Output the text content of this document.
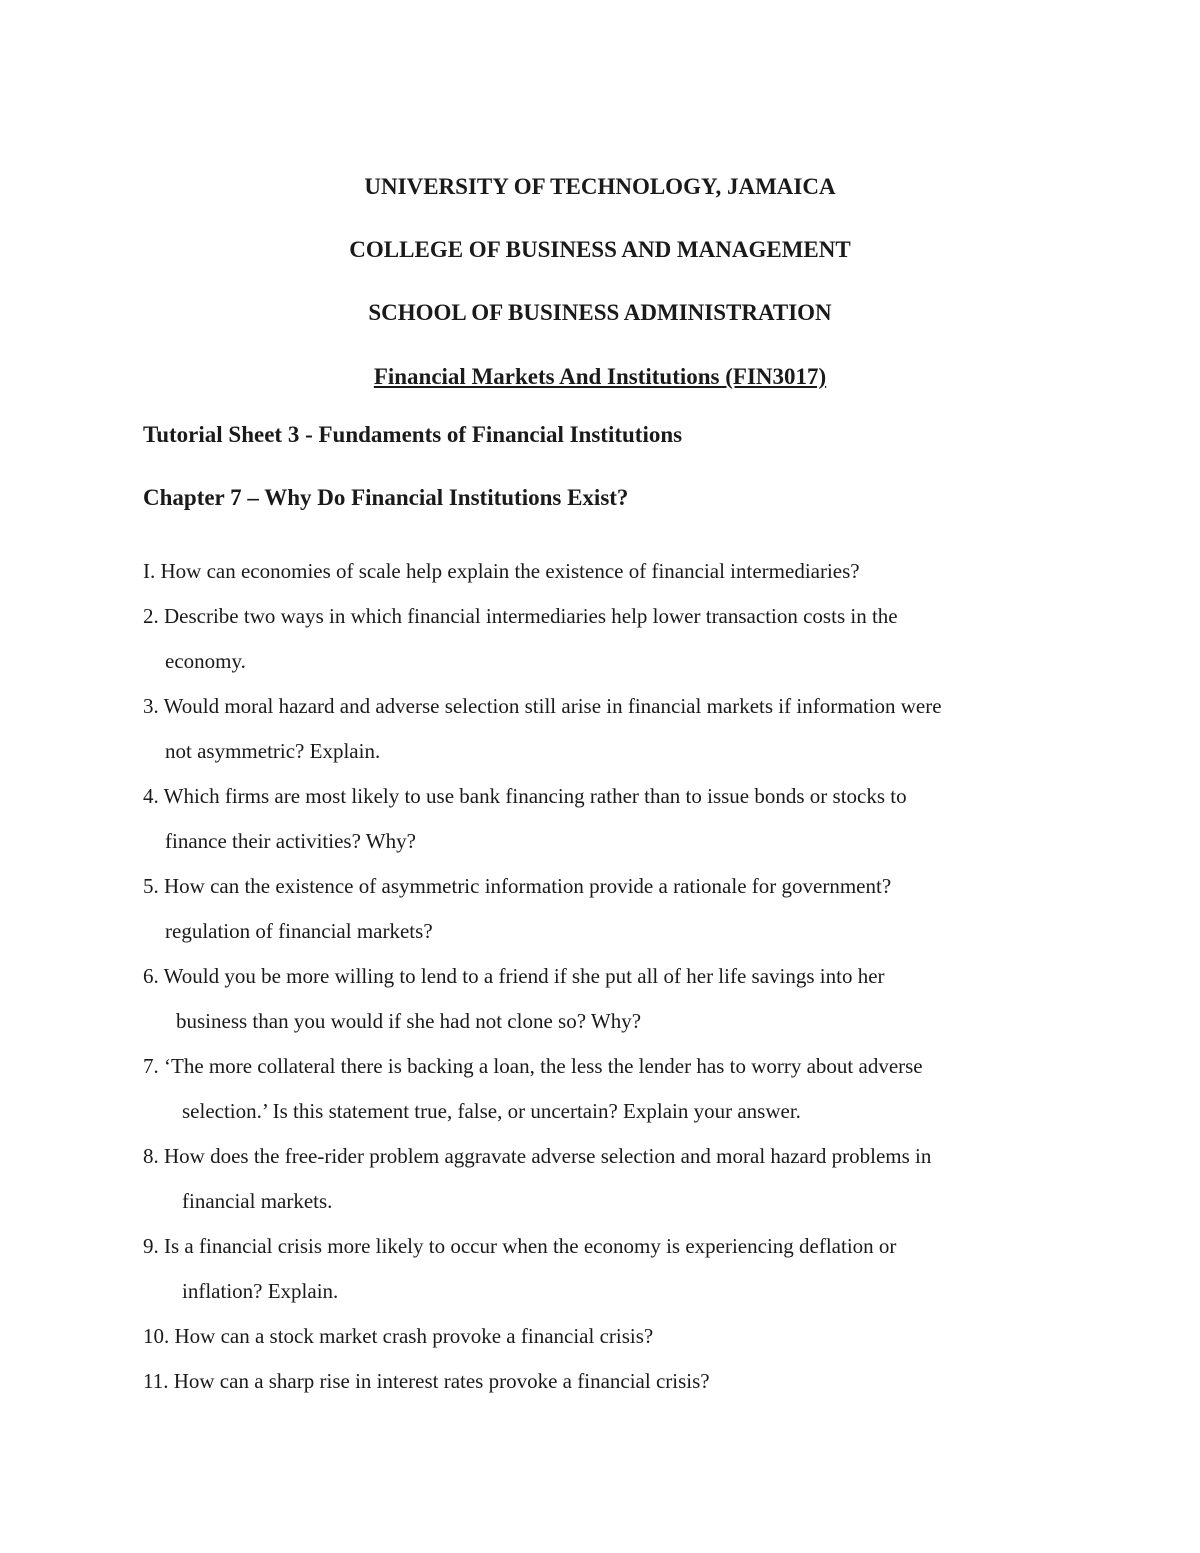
UNIVERSITY OF TECHNOLOGY, JAMAICA

COLLEGE OF BUSINESS AND MANAGEMENT

SCHOOL OF BUSINESS ADMINISTRATION

Financial Markets And Institutions (FIN3017)

Tutorial Sheet 3 - Fundaments of Financial Institutions

Chapter 7 – Why Do Financial Institutions Exist?

I. How can economies of scale help explain the existence of financial intermediaries?

2. Describe two ways in which financial intermediaries help lower transaction costs in the

economy.

3. Would moral hazard and adverse selection still arise in financial markets if information were

not asymmetric? Explain.

4. Which firms are most likely to use bank financing rather than to issue bonds or stocks to

finance their activities? Why?

5. How can the existence of asymmetric information provide a rationale for government?

regulation of financial markets?

6. Would you be more willing to lend to a friend if she put all of her life savings into her

business than you would if she had not clone so? Why?

7. ‘The more collateral there is backing a loan, the less the lender has to worry about adverse

selection.’ Is this statement true, false, or uncertain? Explain your answer.

8. How does the free-rider problem aggravate adverse selection and moral hazard problems in

financial markets.

9. Is a financial crisis more likely to occur when the economy is experiencing deflation or

inflation? Explain.

10. How can a stock market crash provoke a financial crisis?

11. How can a sharp rise in interest rates provoke a financial crisis?
